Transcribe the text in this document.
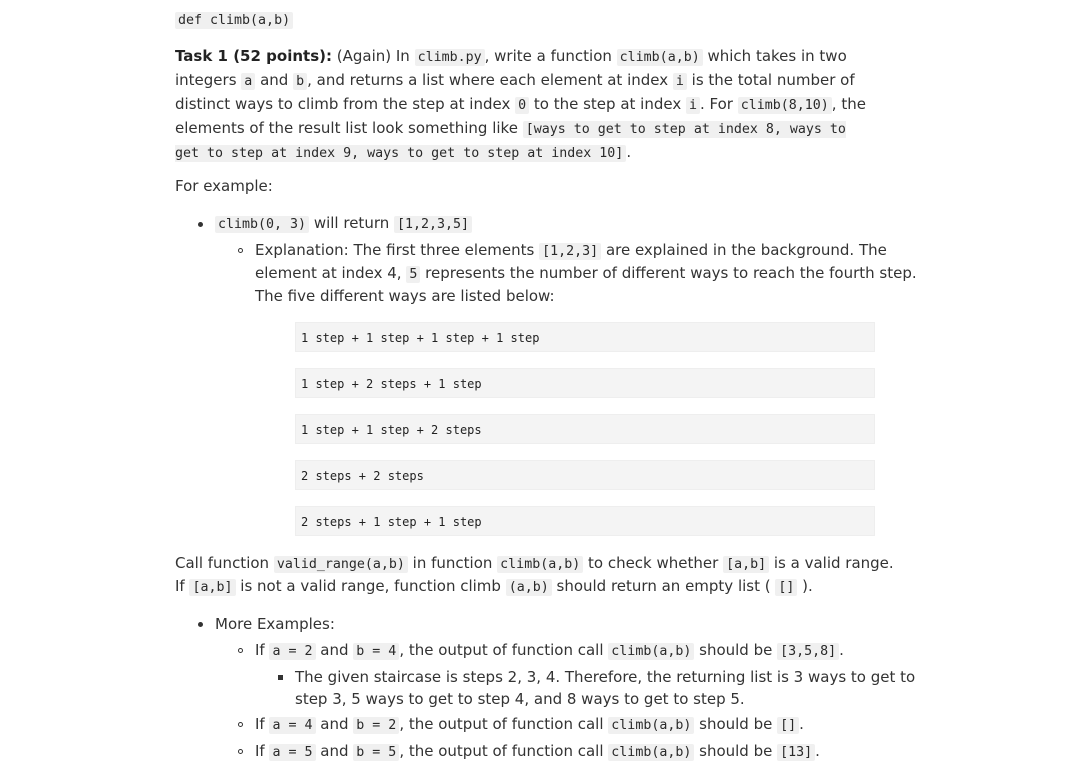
def climb(a,b)
Task 1 (52 points): (Again) In climb.py , write a function climb(a,b) which takes in two integers a and b , and returns a list where each element at index i is the total number of distinct ways to climb from the step at index 0 to the step at index i . For climb(8,10) , the elements of the result list look something like [ways to get to step at index 8, ways to get to step at index 9, ways to get to step at index 10] .
For example:
climb(0, 3) will return [1,2,3,5]
Explanation: The first three elements [1,2,3] are explained in the background. The
element at index 4, 5 represents the number of different ways to reach the fourth step.
The five different ways are listed below:
1 step + 1 step + 1 step + 1 step
1 step + 2 steps + 1 step
1 step + 1 step + 2 steps
2 steps + 2 steps
2 steps + 1 step + 1 step
Call function valid_range(a,b) in function climb(a,b) to check whether [a,b] is a valid range.
If [a,b] is not a valid range, function climb (a,b) should return an empty list ( [] ).
More Examples:
If a = 2 and b = 4 , the output of function call climb(a,b) should be [3,5,8] .
The given staircase is steps 2, 3, 4. Therefore, the returning list is 3 ways to get to
step 3, 5 ways to get to step 4, and 8 ways to get to step 5.
If a = 4 and b = 2 , the output of function call climb(a,b) should be [] .
If a = 5 and b = 5 , the output of function call climb(a,b) should be [13] .
